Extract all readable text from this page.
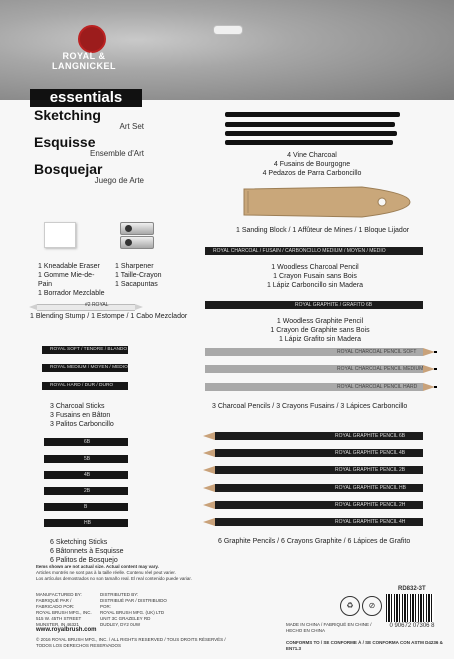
ROYAL & LANGNICKEL
essentials
Sketching
Art Set
Esquisse
Ensemble d'Art
Bosquejar
Juego de Arte
4 Vine Charcoal
4 Fusains de Bourgogne
4 Pedazos de Parra Carboncillo
1 Sanding Block / 1 Affûteur de Mines / 1 Bloque Lijador
1 Kneadable Eraser
1 Gomme Mie-de-Pain
1 Borrador Mezclable
1 Sharpener
1 Taille-Crayon
1 Sacapuntas
ROYAL CHARCOAL / FUSAIN / CARBONCILLO MEDIUM / MOYEN / MEDIO
1 Woodless Charcoal Pencil
1 Crayon Fusain sans Bois
1 Lápiz Carboncillo sin Madera
#2 ROYAL
1 Blending Stump / 1 Estompe / 1 Cabo Mezclador
ROYAL GRAPHITE / GRAFITO 6B
1 Woodless Graphite Pencil
1 Crayon de Graphite sans Bois
1 Lápiz Grafito sin Madera
ROYAL SOFT / TENDRE / BLANDO
ROYAL MEDIUM / MOYEN / MEDIO
ROYAL HARD / DUR / DURO
3 Charcoal Sticks
3 Fusains en Bâton
3 Palitos Carboncillo
ROYAL CHARCOAL PENCIL SOFT
ROYAL CHARCOAL PENCIL MEDIUM
ROYAL CHARCOAL PENCIL HARD
3 Charcoal Pencils / 3 Crayons Fusains / 3 Lápices Carboncillo
6B
5B
4B
2B
B
HB
6 Sketching Sticks
6 Bâtonnets à Esquisse
6 Palitos de Bosquejo
ROYAL GRAPHITE PENCIL 6B
ROYAL GRAPHITE PENCIL 4B
ROYAL GRAPHITE PENCIL 2B
ROYAL GRAPHITE PENCIL HB
ROYAL GRAPHITE PENCIL 2H
ROYAL GRAPHITE PENCIL 4H
6 Graphite Pencils / 6 Crayons Graphite / 6 Lápices de Grafito
Items shown are not actual size. Actual content may vary.
Articles montrés ne sont pas à la taille réelle. Contenu réel peut varier.
Los artículos demostrados no son tamaño real. El real contenido puede variar.
MANUFACTURED BY:
FABRIQUÉ PAR / FABRICADO POR:
ROYAL BRUSH MFG., INC.
515 W. 45TH STREET
MUNSTER, IN 46321
DISTRIBUTED BY:
DISTRIBUÉ PAR / DISTRIBUIDO POR:
ROYAL BRUSH MFG. (UK) LTD
UNIT 3C GRAZELEY RD
DUDLEY, DY2 0UW
www.royalbrush.com
© 2016 ROYAL BRUSH MFG., INC. / ALL RIGHTS RESERVED / TOUS DROITS RÉSERVÉS / TODOS LOS DERECHOS RESERVADOS
♻	⊘
RD832-3T
MADE IN CHINA / FABRIQUÉ EN CHINE / HECHO EN CHINA
0 90672 07306 8
CONFORMS TO / SE CONFORME À / SE CONFORMA CON ASTM D4236 & EN71.3
